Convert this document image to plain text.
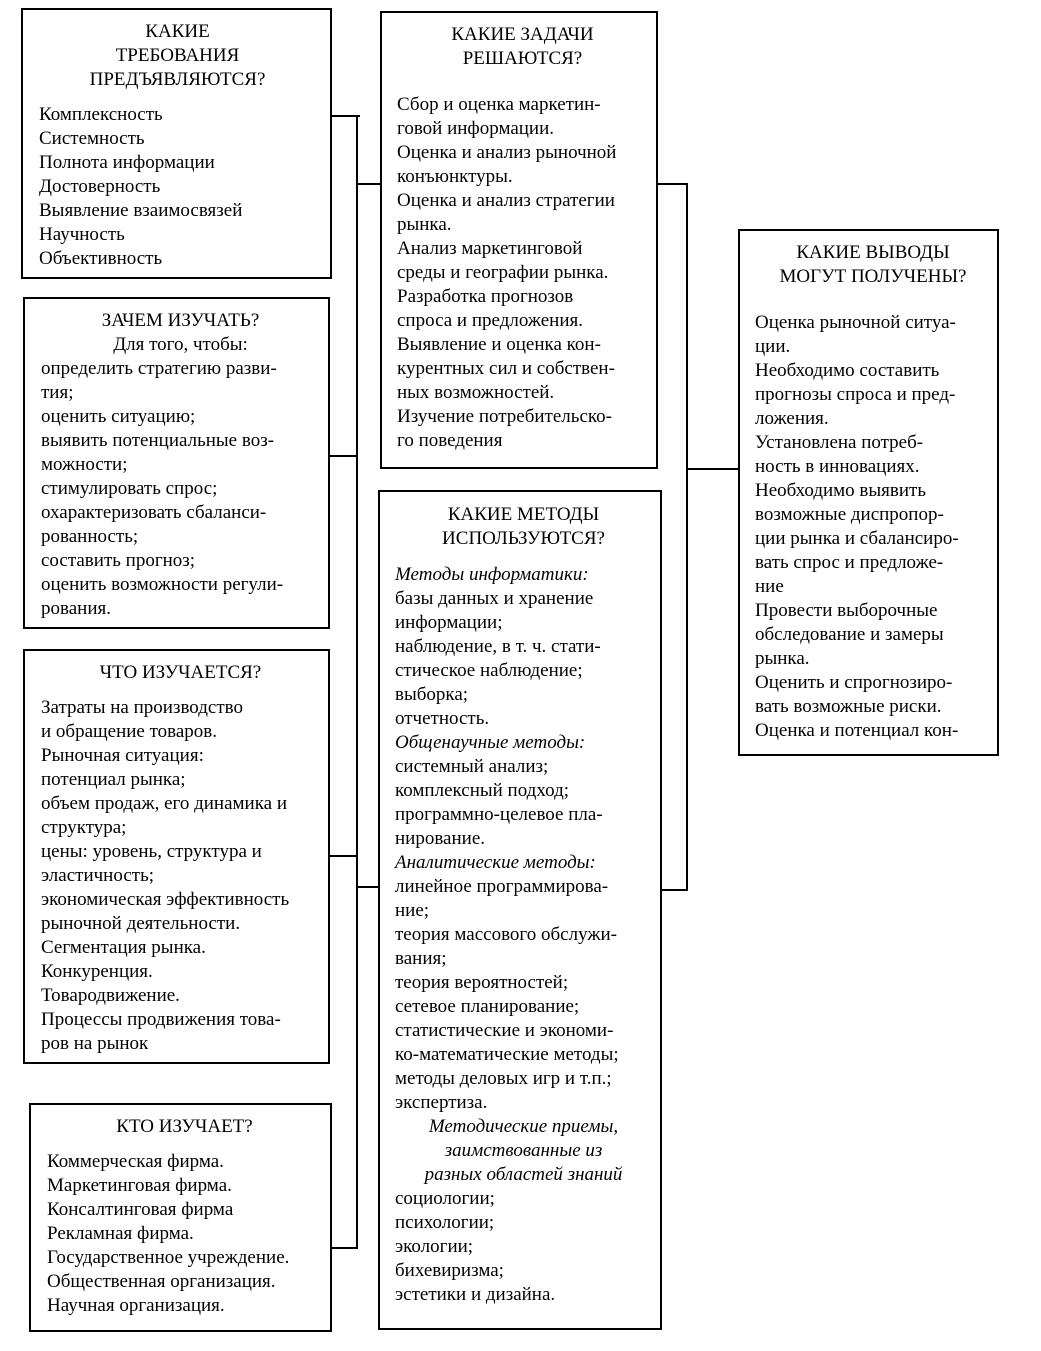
КАКИЕ
ТРЕБОВАНИЯ
ПРЕДЪЯВЛЯЮТСЯ?
Комплексность
Системность
Полнота информации
Достоверность
Выявление взаимосвязей
Научность
Объективность
ЗАЧЕМ ИЗУЧАТЬ?
Для того, чтобы:
определить стратегию разви-
тия;
оценить ситуацию;
выявить потенциальные воз-
можности;
стимулировать спрос;
охарактеризовать сбаланси-
рованность;
составить прогноз;
оценить возможности регули-
рования.
ЧТО ИЗУЧАЕТСЯ?
Затраты на производство
и обращение товаров.
Рыночная ситуация:
потенциал рынка;
объем продаж, его динамика и
структура;
цены: уровень, структура и
эластичность;
экономическая эффективность
рыночной деятельности.
Сегментация рынка.
Конкуренция.
Товародвижение.
Процессы продвижения това-
ров на рынок
КТО ИЗУЧАЕТ?
Коммерческая фирма.
Маркетинговая фирма.
Консалтинговая фирма
Рекламная фирма.
Государственное учреждение.
Общественная организация.
Научная организация.
КАКИЕ ЗАДАЧИ
РЕШАЮТСЯ?
Сбор и оценка маркетин-
говой информации.
Оценка и анализ рыночной
конъюнктуры.
Оценка и анализ стратегии
рынка.
Анализ маркетинговой
среды и географии рынка.
Разработка прогнозов
спроса и предложения.
Выявление и оценка кон-
курентных сил и собствен-
ных возможностей.
Изучение потребительско-
го поведения
КАКИЕ МЕТОДЫ
ИСПОЛЬЗУЮТСЯ?
Методы информатики:
базы данных и хранение
информации;
наблюдение, в т. ч. стати-
стическое наблюдение;
выборка;
отчетность.
Общенаучные методы:
системный анализ;
комплексный подход;
программно-целевое пла-
нирование.
Аналитические методы:
линейное программирова-
ние;
теория массового обслужи-
вания;
теория вероятностей;
сетевое планирование;
статистические и экономи-
ко-математические методы;
методы деловых игр и т.п.;
экспертиза.
Методические приемы,
заимствованные из
разных областей знаний
социологии;
психологии;
экологии;
бихевиризма;
эстетики и дизайна.
КАКИЕ ВЫВОДЫ
МОГУТ ПОЛУЧЕНЫ?
Оценка рыночной ситуа-
ции.
Необходимо составить
прогнозы спроса и пред-
ложения.
Установлена потреб-
ность в инновациях.
Необходимо выявить
возможные диспропор-
ции рынка и сбалансиро-
вать спрос и предложе-
ние
Провести выборочные
обследование и замеры
рынка.
Оценить и спрогнозиро-
вать возможные риски.
Оценка и потенциал кон-
